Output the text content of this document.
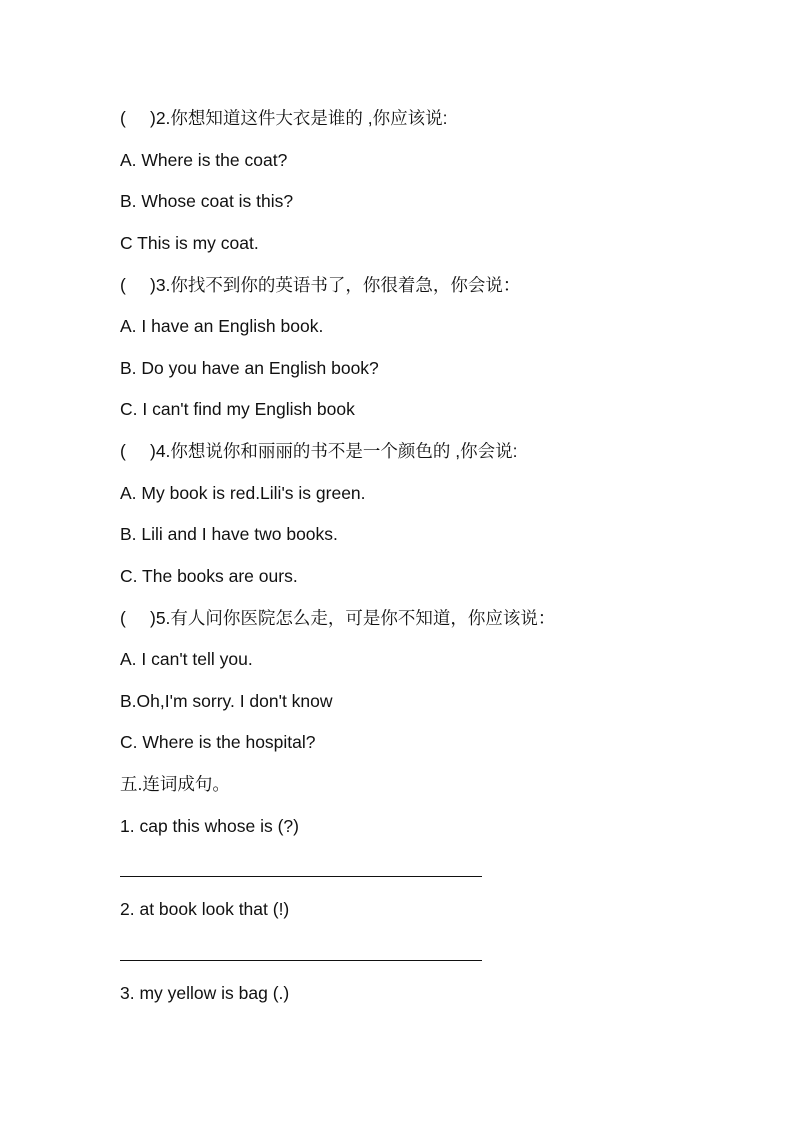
( )2.你想知道这件大衣是谁的 ,你应该说:
A. Where is the coat?
B. Whose coat is this?
C This is my coat.
( )3.你找不到你的英语书了，你很着急，你会说：
A. I have an English book.
B. Do you have an English book?
C. I can't find my English book
( )4.你想说你和丽丽的书不是一个颜色的 ,你会说:
A. My book is red.Lili's is green.
B. Lili and I have two books.
C. The books are ours.
( )5.有人问你医院怎么走，可是你不知道，你应该说：
A. I can't tell you.
B.Oh,I'm sorry. I don't know
C. Where is the hospital?
五.连词成句。
1. cap this whose is (?)
2. at book look that (!)
3. my yellow is bag (.)
